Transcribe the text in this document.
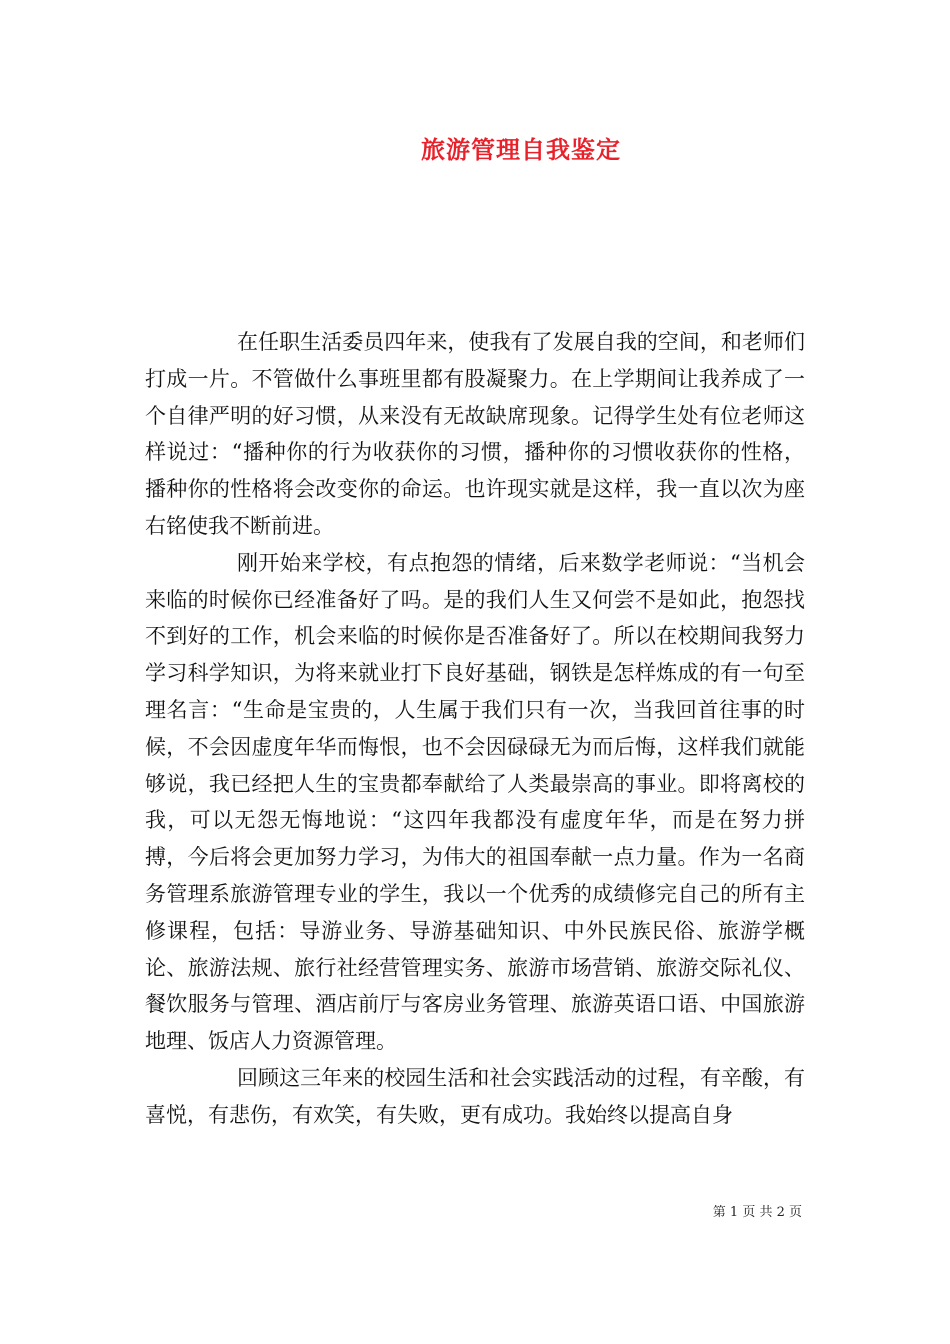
旅游管理自我鉴定

在任职生活委员四年来，使我有了发展自我的空间，和老师们打成一片。不管做什么事班里都有股凝聚力。在上学期间让我养成了一个自律严明的好习惯，从来没有无故缺席现象。记得学生处有位老师这样说过：“播种你的行为收获你的习惯，播种你的习惯收获你的性格，播种你的性格将会改变你的命运。也许现实就是这样，我一直以次为座右铭使我不断前进。

刚开始来学校，有点抱怨的情绪，后来数学老师说：“当机会来临的时候你已经准备好了吗。是的我们人生又何尝不是如此，抱怨找不到好的工作，机会来临的时候你是否准备好了。所以在校期间我努力学习科学知识，为将来就业打下良好基础，钢铁是怎样炼成的有一句至理名言：“生命是宝贵的，人生属于我们只有一次，当我回首往事的时候，不会因虚度年华而悔恨，也不会因碌碌无为而后悔，这样我们就能够说，我已经把人生的宝贵都奉献给了人类最崇高的事业。即将离校的我，可以无怨无悔地说：“这四年我都没有虚度年华，而是在努力拼搏，今后将会更加努力学习，为伟大的祖国奉献一点力量。作为一名商务管理系旅游管理专业的学生，我以一个优秀的成绩修完自己的所有主修课程，包括：导游业务、导游基础知识、中外民族民俗、旅游学概论、旅游法规、旅行社经营管理实务、旅游市场营销、旅游交际礼仪、餐饮服务与管理、酒店前厅与客房业务管理、旅游英语口语、中国旅游地理、饭店人力资源管理。

回顾这三年来的校园生活和社会实践活动的过程，有辛酸，有喜悦，有悲伤，有欢笑，有失败，更有成功。我始终以提高自身

第 1 页 共 2 页
